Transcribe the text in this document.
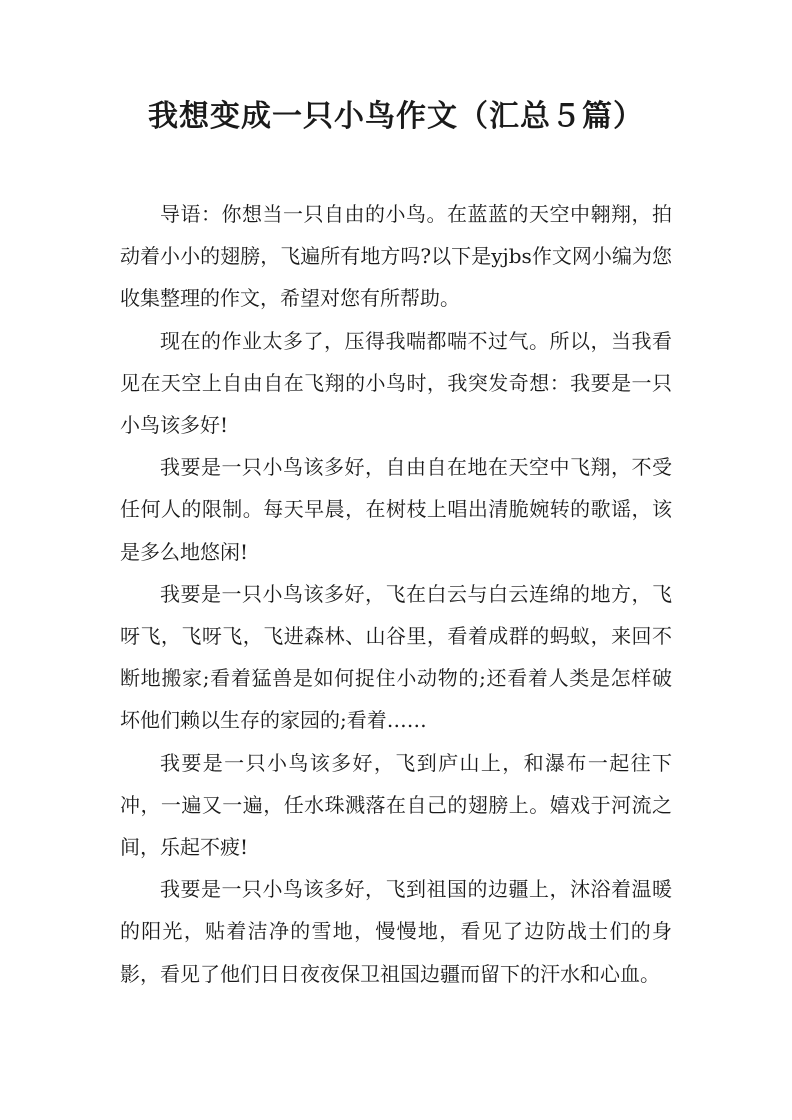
我想变成一只小鸟作文（汇总５篇）

导语：你想当一只自由的小鸟。在蓝蓝的天空中翱翔，拍动着小小的翅膀，飞遍所有地方吗?以下是yjbs作文网小编为您收集整理的作文，希望对您有所帮助。

现在的作业太多了，压得我喘都喘不过气。所以，当我看见在天空上自由自在飞翔的小鸟时，我突发奇想：我要是一只小鸟该多好!

我要是一只小鸟该多好，自由自在地在天空中飞翔，不受任何人的限制。每天早晨，在树枝上唱出清脆婉转的歌谣，该是多么地悠闲!

我要是一只小鸟该多好，飞在白云与白云连绵的地方，飞呀飞，飞呀飞，飞进森林、山谷里，看着成群的蚂蚁，来回不断地搬家;看着猛兽是如何捉住小动物的;还看着人类是怎样破坏他们赖以生存的家园的;看着……

我要是一只小鸟该多好，飞到庐山上，和瀑布一起往下冲，一遍又一遍，任水珠溅落在自己的翅膀上。嬉戏于河流之间，乐起不疲!

我要是一只小鸟该多好，飞到祖国的边疆上，沐浴着温暖的阳光，贴着洁净的雪地，慢慢地，看见了边防战士们的身影，看见了他们日日夜夜保卫祖国边疆而留下的汗水和心血。
